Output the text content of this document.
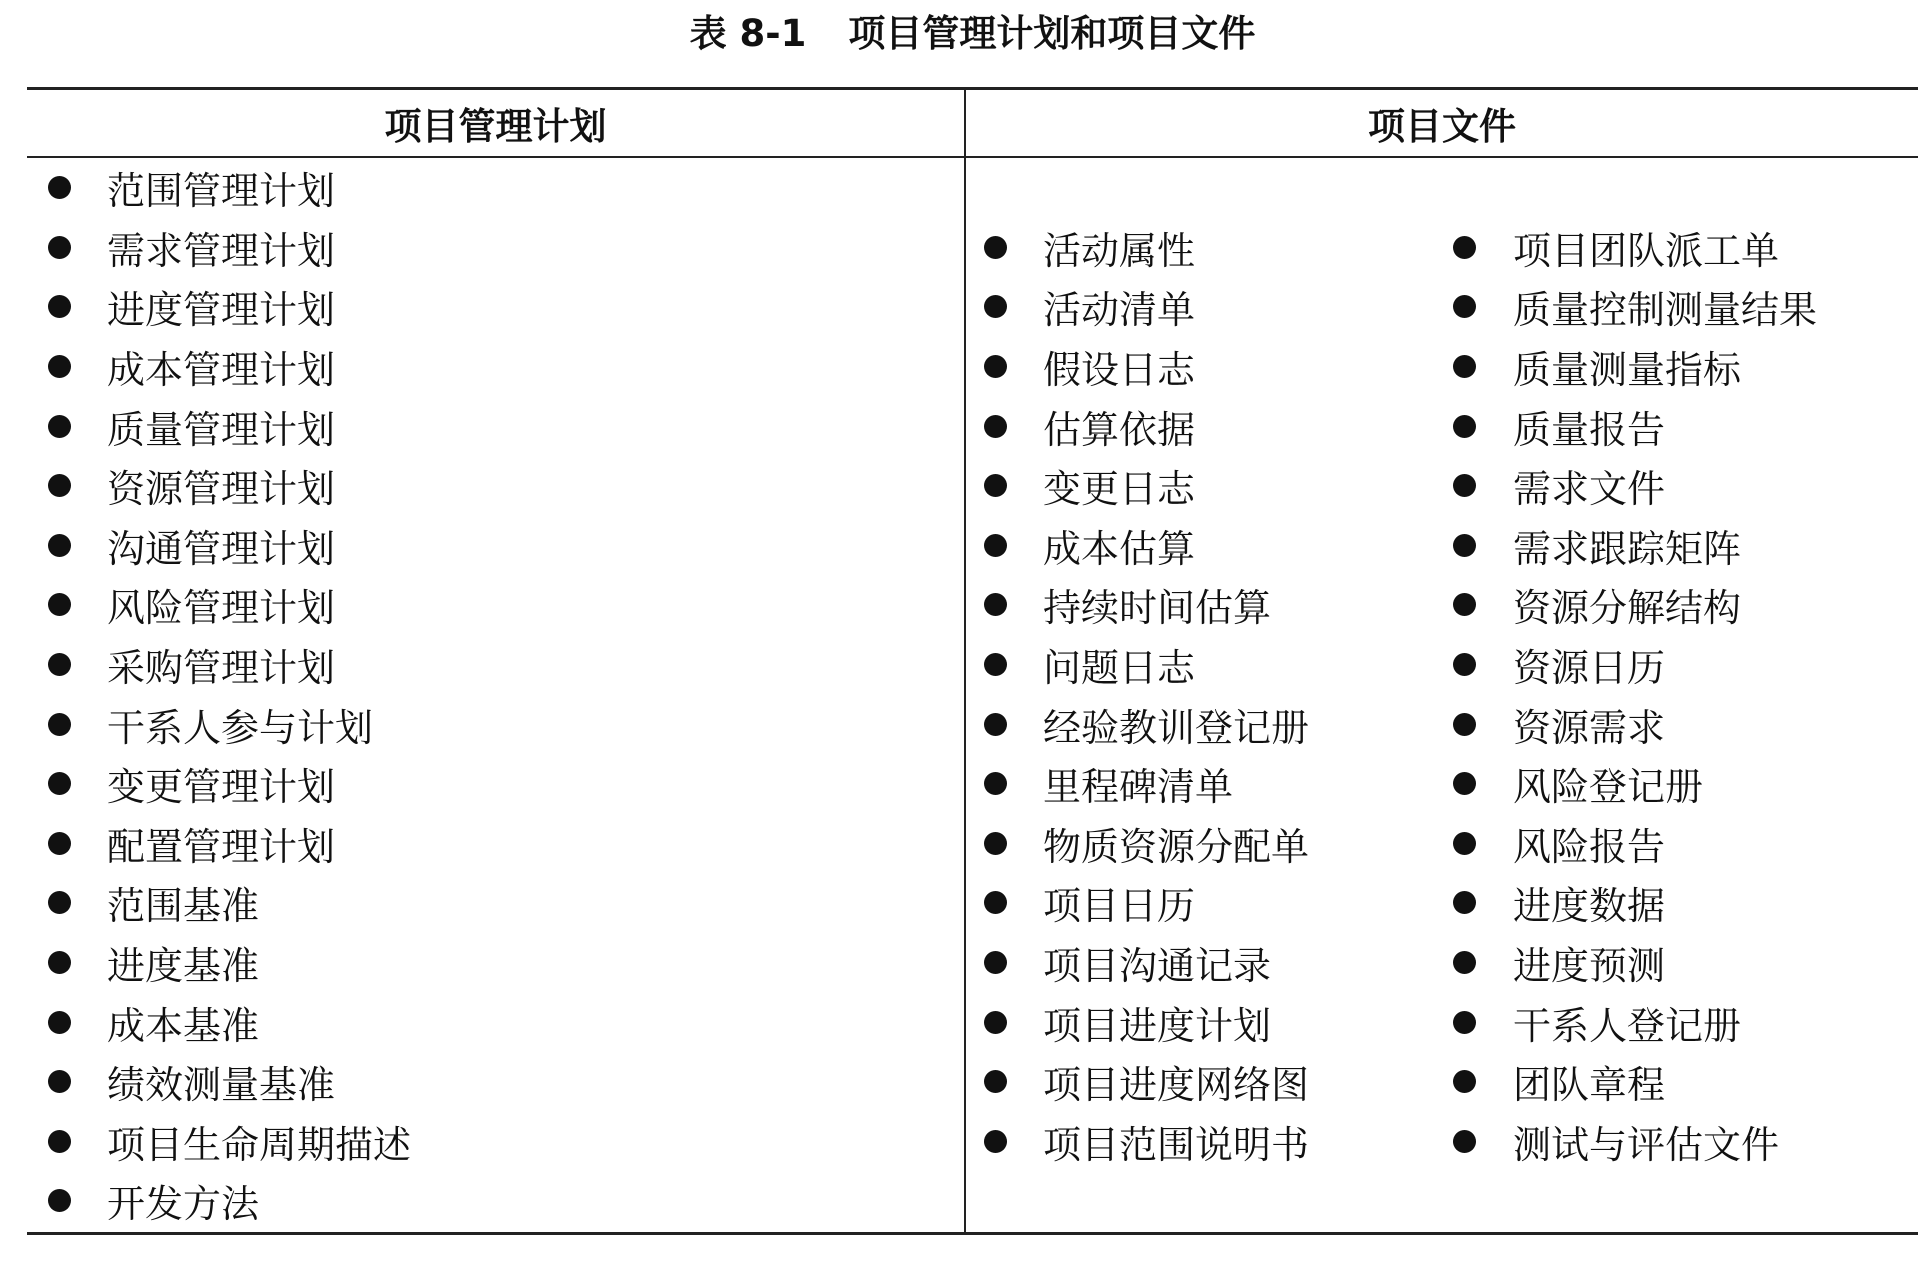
表 8-1 项目管理计划和项目文件
项目管理计划	项目文件
范围管理计划
需求管理计划
进度管理计划
成本管理计划
质量管理计划
资源管理计划
沟通管理计划
风险管理计划
采购管理计划
干系人参与计划
变更管理计划
配置管理计划
范围基准
进度基准
成本基准
绩效测量基准
项目生命周期描述
开发方法
活动属性
活动清单
假设日志
估算依据
变更日志
成本估算
持续时间估算
问题日志
经验教训登记册
里程碑清单
物质资源分配单
项目日历
项目沟通记录
项目进度计划
项目进度网络图
项目范围说明书
项目团队派工单
质量控制测量结果
质量测量指标
质量报告
需求文件
需求跟踪矩阵
资源分解结构
资源日历
资源需求
风险登记册
风险报告
进度数据
进度预测
干系人登记册
团队章程
测试与评估文件
